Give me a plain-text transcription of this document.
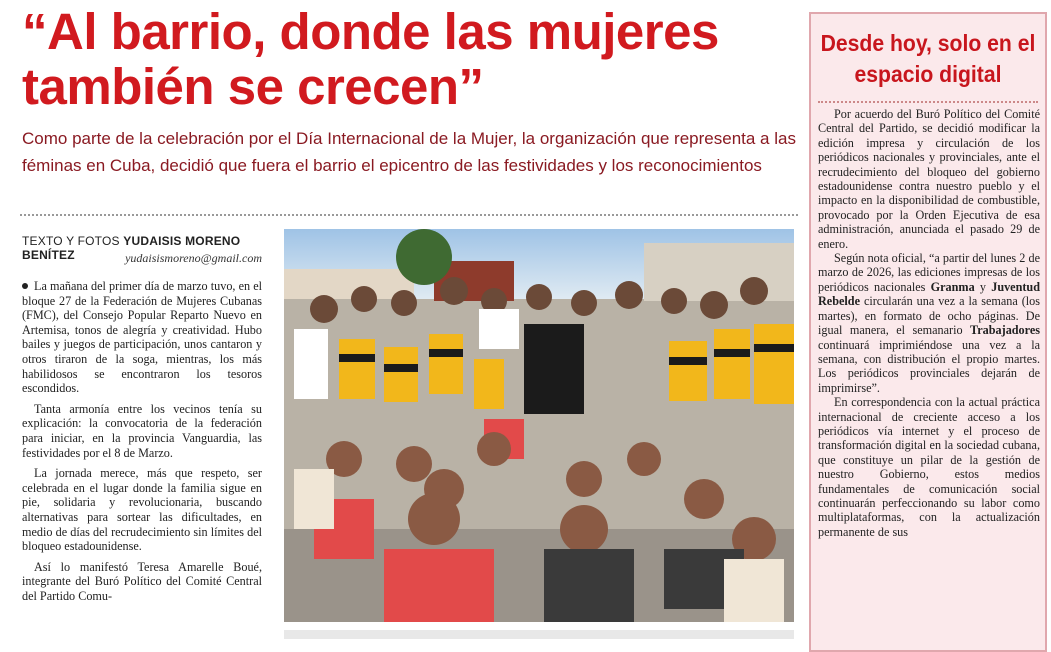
“Al barrio, donde las mujeres también se crecen”

Como parte de la celebración por el Día Internacional de la Mujer, la organización que representa a las féminas en Cuba, decidió que fuera el barrio el epicentro de las festividades y los reconocimientos

TEXTO Y FOTOS YUDAISIS MORENO BENÍTEZ	yudaisismoreno@gmail.com

La mañana del primer día de marzo tuvo, en el bloque 27 de la Federación de Mujeres Cubanas (FMC), del Consejo Popular Reparto Nuevo en Artemisa, tonos de alegría y creatividad. Hubo bailes y juegos de participación, unos cantaron y otros tiraron de la soga, mientras, los más habilidosos se encontraron los tesoros escondidos.

Tanta armonía entre los vecinos tenía su explicación: la convocatoria de la federación para iniciar, en la provincia Vanguardia, las festividades por el 8 de Marzo.

La jornada merece, más que respeto, ser celebrada en el lugar donde la familia sigue en pie, solidaria y revolucionaria, buscando alternativas para sortear las dificultades, en medio de días del recrudecimiento sin límites del bloqueo estadounidense.

Así lo manifestó Teresa Amarelle Boué, integrante del Buró Político del Comité Central del Partido Comu-

Desde hoy, solo en el espacio digital

Por acuerdo del Buró Político del Comité Central del Partido, se decidió modificar la edición impresa y circulación de los periódicos nacionales y provinciales, ante el recrudecimiento del bloqueo del gobierno estadounidense contra nuestro pueblo y el impacto en la disponibilidad de combustible, provocado por la Orden Ejecutiva de esa administración, anunciada el pasado 29 de enero.

Según nota oficial, “a partir del lunes 2 de marzo de 2026, las ediciones impresas de los periódicos nacionales Granma y Juventud Rebelde circularán una vez a la semana (los martes), en formato de ocho páginas. De igual manera, el semanario Trabajadores continuará imprimiéndose una vez a la semana, con distribución el propio martes. Los periódicos provinciales dejarán de imprimirse”.

En correspondencia con la actual práctica internacional de creciente acceso a los periódicos vía internet y el proceso de transformación digital en la sociedad cubana, que constituye un pilar de la gestión de nuestro Gobierno, estos medios fundamentales de comunicación social continuarán perfeccionando su labor como multiplataformas, con la actualización permanente de sus
